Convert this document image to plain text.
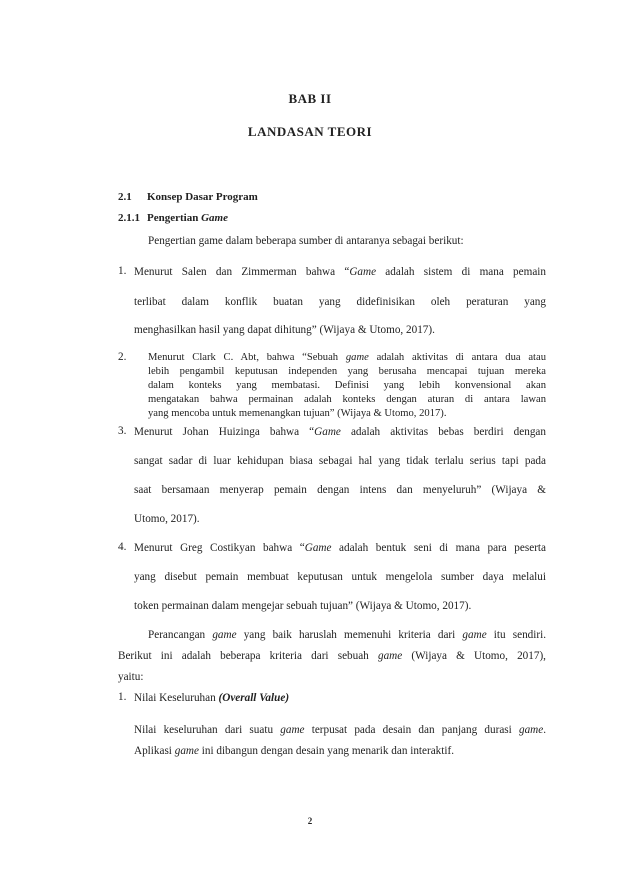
BAB II

LANDASAN TEORI

2.1 Konsep Dasar Program
2.1.1 Pengertian Game

Pengertian game dalam beberapa sumber di antaranya sebagai berikut:

1. Menurut Salen dan Zimmerman bahwa “Game adalah sistem di mana pemain

terlibat dalam konflik buatan yang didefinisikan oleh peraturan yang

menghasilkan hasil yang dapat dihitung” (Wijaya & Utomo, 2017).

2. Menurut Clark C. Abt, bahwa “Sebuah game adalah aktivitas di antara dua atau

lebih pengambil keputusan independen yang berusaha mencapai tujuan mereka

dalam konteks yang membatasi. Definisi yang lebih konvensional akan

mengatakan bahwa permainan adalah konteks dengan aturan di antara lawan

yang mencoba untuk memenangkan tujuan” (Wijaya & Utomo, 2017).

3. Menurut Johan Huizinga bahwa “Game adalah aktivitas bebas berdiri dengan

sangat sadar di luar kehidupan biasa sebagai hal yang tidak terlalu serius tapi pada

saat bersamaan menyerap pemain dengan intens dan menyeluruh” (Wijaya &

Utomo, 2017).

4. Menurut Greg Costikyan bahwa “Game adalah bentuk seni di mana para peserta

yang disebut pemain membuat keputusan untuk mengelola sumber daya melalui

token permainan dalam mengejar sebuah tujuan” (Wijaya & Utomo, 2017).

Perancangan game yang baik haruslah memenuhi kriteria dari game itu sendiri.

Berikut ini adalah beberapa kriteria dari sebuah game (Wijaya & Utomo, 2017),

yaitu:

1. Nilai Keseluruhan (Overall Value)

Nilai keseluruhan dari suatu game terpusat pada desain dan panjang durasi game.

Aplikasi game ini dibangun dengan desain yang menarik dan interaktif.

2
